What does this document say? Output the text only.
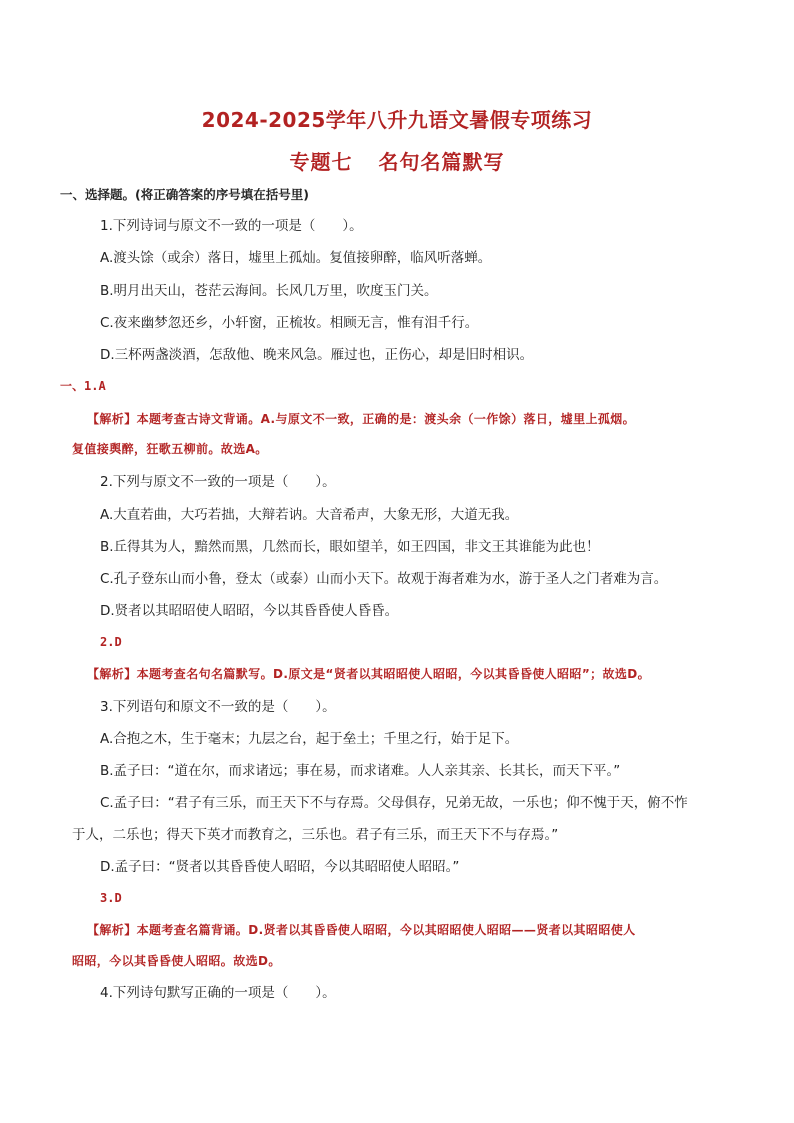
2024-2025学年八升九语文暑假专项练习
专题七 名句名篇默写
一、选择题。(将正确答案的序号填在括号里)
1.下列诗词与原文不一致的一项是（　　）。
A.渡头馀（或余）落日，墟里上孤灿。复值接卵醉，临风听落蝉。
B.明月出天山，苍茫云海间。长风几万里，吹度玉门关。
C.夜来幽梦忽还乡，小轩窗，正梳妆。相顾无言，惟有泪千行。
D.三杯两盏淡酒，怎敌他、晚来风急。雁过也，正伤心，却是旧时相识。
一、1.A
【解析】本题考查古诗文背诵。A.与原文不一致，正确的是：渡头余（一作馀）落日，墟里上孤烟。
复值接舆醉，狂歌五柳前。故选A。
2.下列与原文不一致的一项是（　　）。
A.大直若曲，大巧若拙，大辩若讷。大音希声，大象无形，大道无我。
B.丘得其为人，黯然而黑，几然而长，眼如望羊，如王四国，非文王其谁能为此也！
C.孔子登东山而小鲁，登太（或泰）山而小天下。故观于海者难为水，游于圣人之门者难为言。
D.贤者以其昭昭使人昭昭，今以其昏昏使人昏昏。
2.D
【解析】本题考查名句名篇默写。D.原文是“贤者以其昭昭使人昭昭，今以其昏昏使人昭昭”；故选D。
3.下列语句和原文不一致的是（　　）。
A.合抱之木，生于毫末；九层之台，起于垒土；千里之行，始于足下。
B.孟子曰：“道在尔，而求诸远；事在易，而求诸难。人人亲其亲、长其长，而天下平。”
C.孟子曰：“君子有三乐，而王天下不与存焉。父母俱存，兄弟无故，一乐也；仰不愧于天，俯不怍
于人，二乐也；得天下英才而教育之，三乐也。君子有三乐，而王天下不与存焉。”
D.孟子曰：“贤者以其昏昏使人昭昭，今以其昭昭使人昭昭。”
3.D
【解析】本题考查名篇背诵。D.贤者以其昏昏使人昭昭，今以其昭昭使人昭昭——贤者以其昭昭使人
昭昭，今以其昏昏使人昭昭。故选D。
4.下列诗句默写正确的一项是（　　）。
